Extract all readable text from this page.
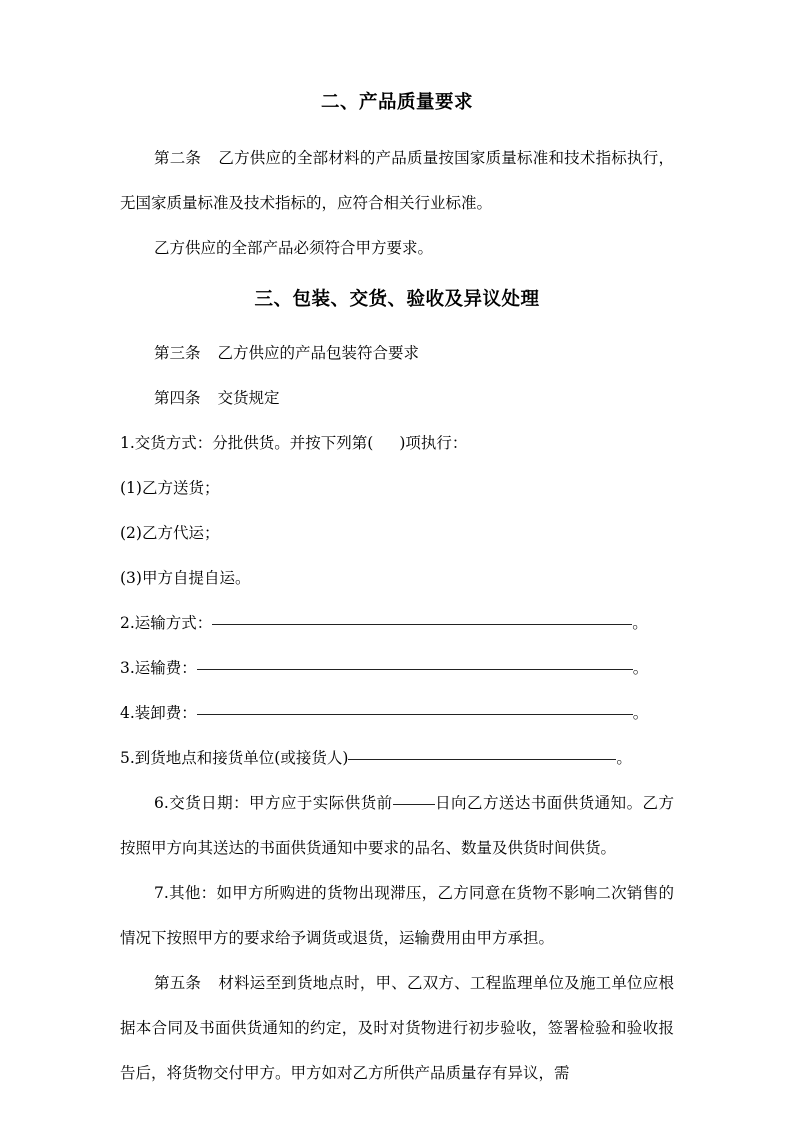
二、产品质量要求

第二条 乙方供应的全部材料的产品质量按国家质量标准和技术指标执行，无国家质量标准及技术指标的，应符合相关行业标准。

乙方供应的全部产品必须符合甲方要求。

三、包装、交货、验收及异议处理

第三条 乙方供应的产品包装符合要求

第四条 交货规定

1.交货方式：分批供货。并按下列第( )项执行：

(1)乙方送货；

(2)乙方代运；

(3)甲方自提自运。

2.运输方式：	。

3.运输费：	。

4.装卸费：	。

5.到货地点和接货单位(或接货人)	。

6.交货日期：甲方应于实际供货前	日向乙方送达书面供货通知。乙方按照甲方向其送达的书面供货通知中要求的品名、数量及供货时间供货。

7.其他：如甲方所购进的货物出现滞压，乙方同意在货物不影响二次销售的情况下按照甲方的要求给予调货或退货，运输费用由甲方承担。

第五条 材料运至到货地点时，甲、乙双方、工程监理单位及施工单位应根据本合同及书面供货通知的约定，及时对货物进行初步验收，签署检验和验收报告后，将货物交付甲方。甲方如对乙方所供产品质量存有异议，需
